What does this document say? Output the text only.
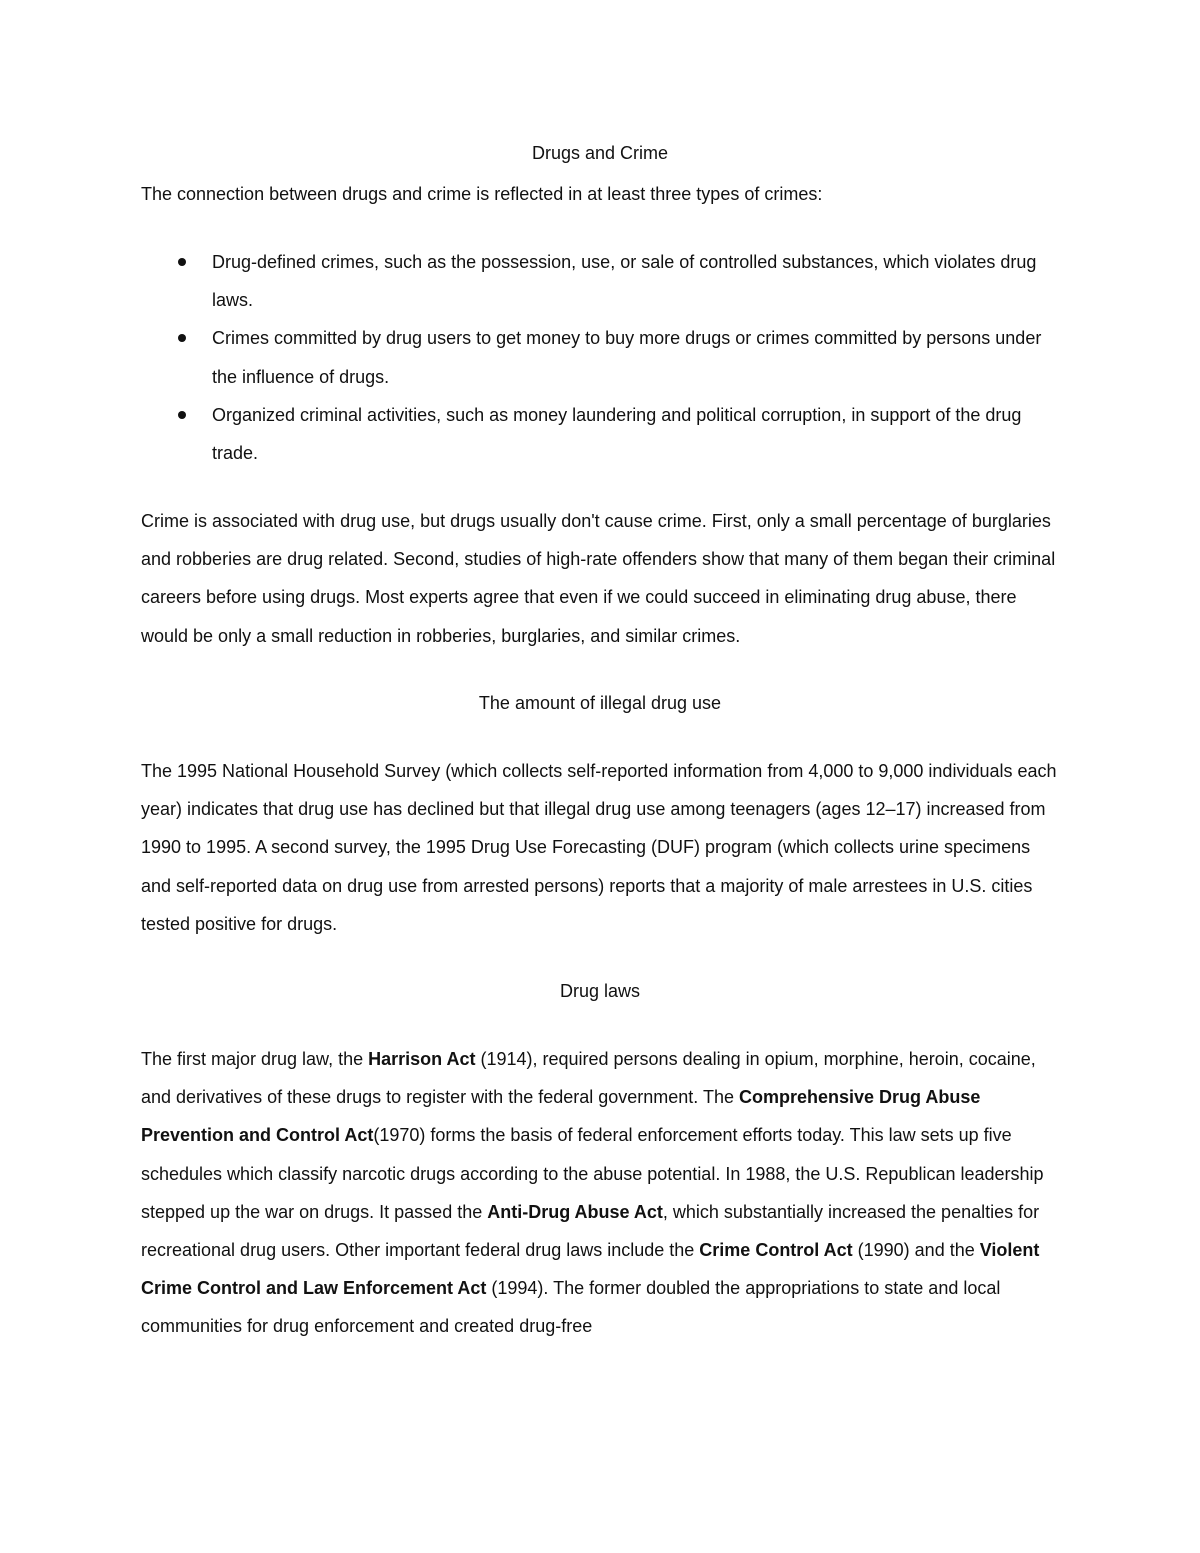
Drugs and Crime

The connection between drugs and crime is reflected in at least three types of crimes:

Drug-defined crimes, such as the possession, use, or sale of controlled substances, which violates drug laws.
Crimes committed by drug users to get money to buy more drugs or crimes committed by persons under the influence of drugs.
Organized criminal activities, such as money laundering and political corruption, in support of the drug trade.

Crime is associated with drug use, but drugs usually don't cause crime. First, only a small percentage of burglaries and robberies are drug related. Second, studies of high-rate offenders show that many of them began their criminal careers before using drugs. Most experts agree that even if we could succeed in eliminating drug abuse, there would be only a small reduction in robberies, burglaries, and similar crimes.

The amount of illegal drug use

The 1995 National Household Survey (which collects self-reported information from 4,000 to 9,000 individuals each year) indicates that drug use has declined but that illegal drug use among teenagers (ages 12–17) increased from 1990 to 1995. A second survey, the 1995 Drug Use Forecasting (DUF) program (which collects urine specimens and self-reported data on drug use from arrested persons) reports that a majority of male arrestees in U.S. cities tested positive for drugs.

Drug laws

The first major drug law, the Harrison Act (1914), required persons dealing in opium, morphine, heroin, cocaine, and derivatives of these drugs to register with the federal government. The Comprehensive Drug Abuse Prevention and Control Act(1970) forms the basis of federal enforcement efforts today. This law sets up five schedules which classify narcotic drugs according to the abuse potential. In 1988, the U.S. Republican leadership stepped up the war on drugs. It passed the Anti-Drug Abuse Act, which substantially increased the penalties for recreational drug users. Other important federal drug laws include the Crime Control Act (1990) and the Violent Crime Control and Law Enforcement Act (1994). The former doubled the appropriations to state and local communities for drug enforcement and created drug-free
